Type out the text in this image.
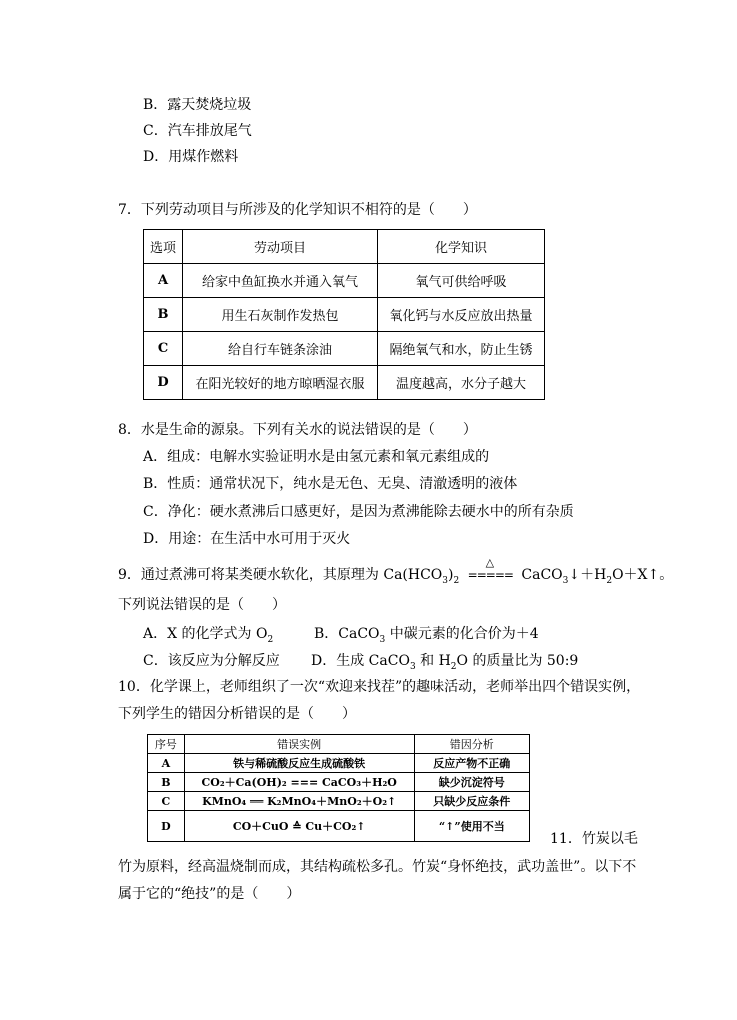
B．露天焚烧垃圾
C．汽车排放尾气
D．用煤作燃料
7．下列劳动项目与所涉及的化学知识不相符的是（　　）
选项	劳动项目	化学知识
A	给家中鱼缸换水并通入氧气	氧气可供给呼吸
B	用生石灰制作发热包	氧化钙与水反应放出热量
C	给自行车链条涂油	隔绝氧气和水，防止生锈
D	在阳光较好的地方晾晒湿衣服	温度越高，水分子越大
8．水是生命的源泉。下列有关水的说法错误的是（　　）
A．组成：电解水实验证明水是由氢元素和氧元素组成的
B．性质：通常状况下，纯水是无色、无臭、清澈透明的液体
C．净化：硬水煮沸后口感更好，是因为煮沸能除去硬水中的所有杂质
D．用途：在生活中水可用于灭火
9．通过煮沸可将某类硬水软化，其原理为 $Ca(HCO_3)_2$
△
===== $CaCO_3↓+H_2O+X↑$。
下列说法错误的是（　　）
A．X 的化学式为 $O_2$	B．CaCO$_3$ 中碳元素的化合价为＋4
C．该反应为分解反应 D．生成 CaCO$_3$ 和 $H_2O$ 的质量比为 50:9
10．化学课上，老师组织了一次“欢迎来找茬”的趣味活动，老师举出四个错误实例，
下列学生的错因分析错误的是（　　）
序号	错误实例	错因分析
A	铁与稀硫酸反应生成硫酸铁	反应产物不正确
B	CO₂＋Ca(OH)₂ === CaCO₃＋H₂O	缺少沉淀符号
C	KMnO₄ ══ K₂MnO₄＋MnO₂＋O₂↑	只缺少反应条件
D	CO＋CuO ≙ Cu＋CO₂↑	“↑”使用不当
11．竹炭以毛
竹为原料，经高温烧制而成，其结构疏松多孔。竹炭“身怀绝技，武功盖世”。以下不
属于它的“绝技”的是（　　）
